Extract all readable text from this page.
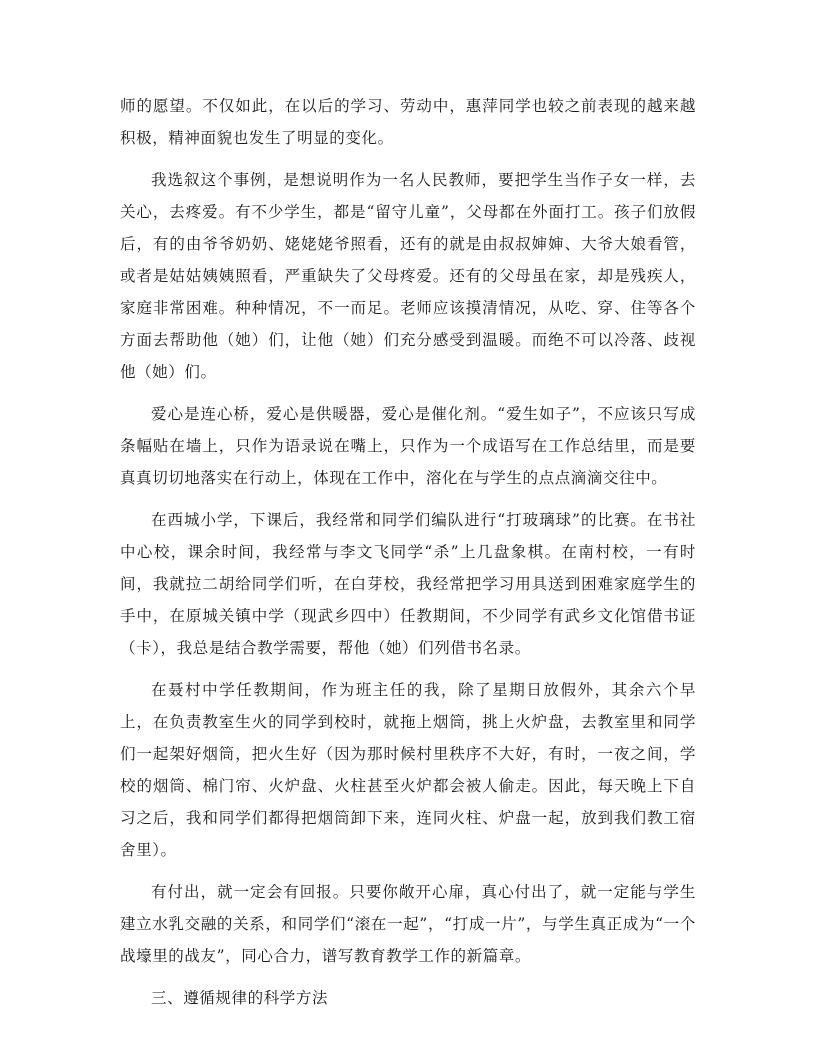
师的愿望。不仅如此，在以后的学习、劳动中，惠萍同学也较之前表现的越来越积极，精神面貌也发生了明显的变化。

我选叙这个事例，是想说明作为一名人民教师，要把学生当作子女一样，去关心，去疼爱。有不少学生，都是“留守儿童”，父母都在外面打工。孩子们放假后，有的由爷爷奶奶、姥姥姥爷照看，还有的就是由叔叔婶婶、大爷大娘看管，或者是姑姑姨姨照看，严重缺失了父母疼爱。还有的父母虽在家，却是残疾人，家庭非常困难。种种情况，不一而足。老师应该摸清情况，从吃、穿、住等各个方面去帮助他（她）们，让他（她）们充分感受到温暖。而绝不可以冷落、歧视他（她）们。

爱心是连心桥，爱心是供暖器，爱心是催化剂。“爱生如子”，不应该只写成条幅贴在墙上，只作为语录说在嘴上，只作为一个成语写在工作总结里，而是要真真切切地落实在行动上，体现在工作中，溶化在与学生的点点滴滴交往中。

在西城小学，下课后，我经常和同学们编队进行“打玻璃球”的比赛。在书社中心校，课余时间，我经常与李文飞同学“杀”上几盘象棋。在南村校，一有时间，我就拉二胡给同学们听，在白芽校，我经常把学习用具送到困难家庭学生的手中，在原城关镇中学（现武乡四中）任教期间，不少同学有武乡文化馆借书证（卡），我总是结合教学需要，帮他（她）们列借书名录。

在聂村中学任教期间，作为班主任的我，除了星期日放假外，其余六个早上，在负责教室生火的同学到校时，就拖上烟筒，挑上火炉盘，去教室里和同学们一起架好烟筒，把火生好（因为那时候村里秩序不大好，有时，一夜之间，学校的烟筒、棉门帘、火炉盘、火柱甚至火炉都会被人偷走。因此，每天晚上下自习之后，我和同学们都得把烟筒卸下来，连同火柱、炉盘一起，放到我们教工宿舍里）。

有付出，就一定会有回报。只要你敞开心扉，真心付出了，就一定能与学生建立水乳交融的关系，和同学们“滚在一起”，“打成一片”，与学生真正成为“一个战壕里的战友”，同心合力，谱写教育教学工作的新篇章。

三、遵循规律的科学方法
